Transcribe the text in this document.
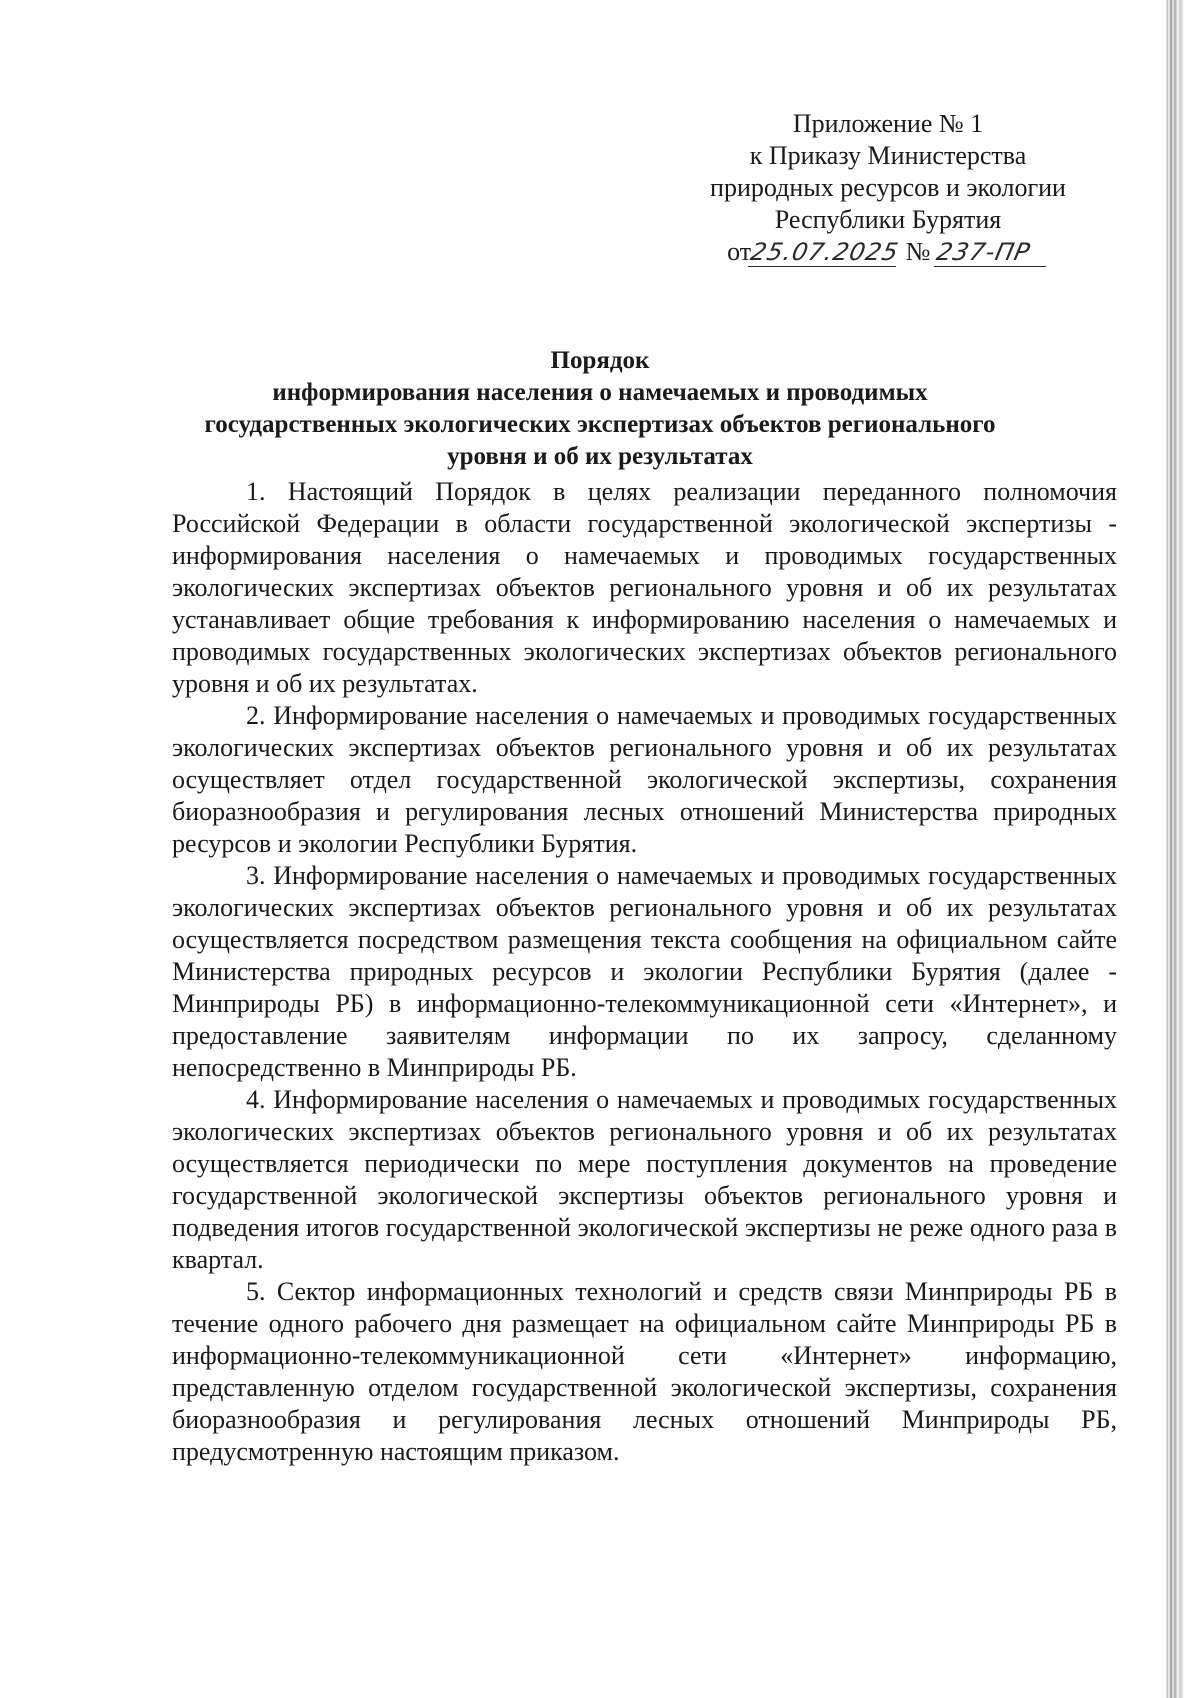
Приложение № 1
к Приказу Министерства
природных ресурсов и экологии
Республики Бурятия
от25.07.2025 № 237-ПР
Порядок
информирования населения о намечаемых и проводимых
государственных экологических экспертизах объектов регионального
уровня и об их результатах

1. Настоящий Порядок в целях реализации переданного полномочия Российской Федерации в области государственной экологической экспертизы - информирования населения о намечаемых и проводимых государственных экологических экспертизах объектов регионального уровня и об их результатах устанавливает общие требования к информированию населения о намечаемых и проводимых государственных экологических экспертизах объектов регионального уровня и об их результатах.

2. Информирование населения о намечаемых и проводимых государственных экологических экспертизах объектов регионального уровня и об их результатах осуществляет отдел государственной экологической экспертизы, сохранения биоразнообразия и регулирования лесных отношений Министерства природных ресурсов и экологии Республики Бурятия.

3. Информирование населения о намечаемых и проводимых государственных экологических экспертизах объектов регионального уровня и об их результатах осуществляется посредством размещения текста сообщения на официальном сайте Министерства природных ресурсов и экологии Республики Бурятия (далее - Минприроды РБ) в информационно-телекоммуникационной сети «Интернет», и предоставление заявителям информации по их запросу, сделанному непосредственно в Минприроды РБ.

4. Информирование населения о намечаемых и проводимых государственных экологических экспертизах объектов регионального уровня и об их результатах осуществляется периодически по мере поступления документов на проведение государственной экологической экспертизы объектов регионального уровня и подведения итогов государственной экологической экспертизы не реже одного раза в квартал.

5. Сектор информационных технологий и средств связи Минприроды РБ в течение одного рабочего дня размещает на официальном сайте Минприроды РБ в информационно-телекоммуникационной сети «Интернет» информацию, представленную отделом государственной экологической экспертизы, сохранения биоразнообразия и регулирования лесных отношений Минприроды РБ, предусмотренную настоящим приказом.
